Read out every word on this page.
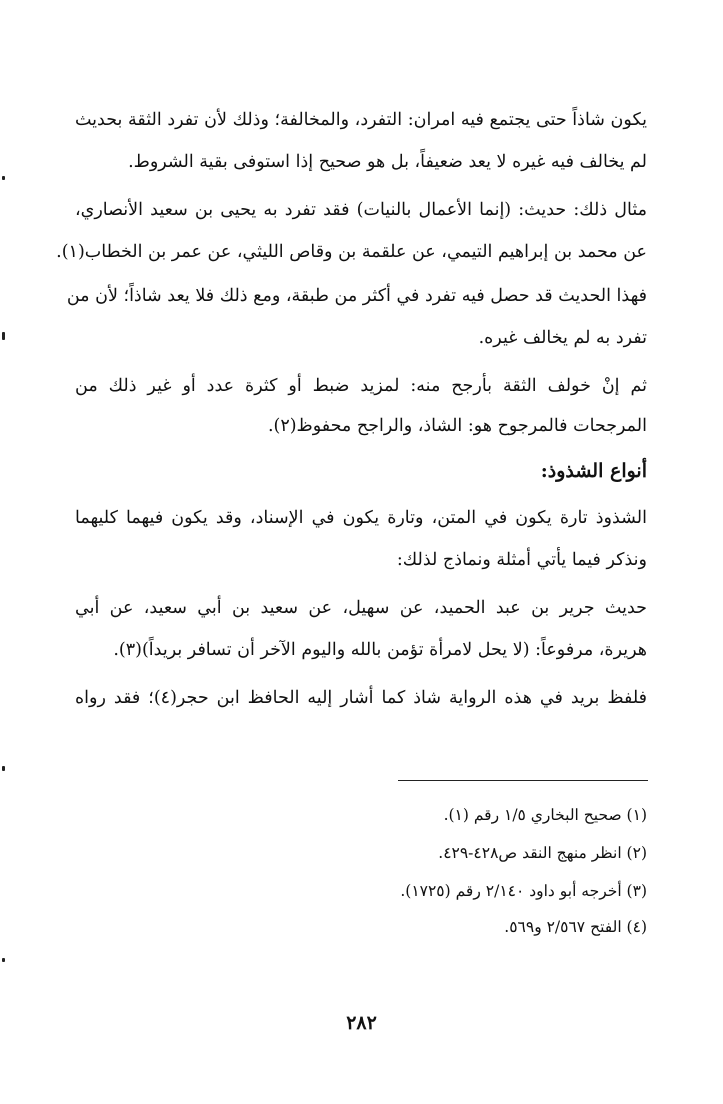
يكون شاذاً حتى يجتمع فيه امران: التفرد، والمخالفة؛ وذلك لأن تفرد الثقة بحديث
لم يخالف فيه غيره لا يعد ضعيفاً، بل هو صحيح إذا استوفى بقية الشروط.
مثال ذلك: حديث: (إنما الأعمال بالنيات) فقد تفرد به يحيى بن سعيد الأنصاري،
عن محمد بن إبراهيم التيمي، عن علقمة بن وقاص الليثي، عن عمر بن الخطاب(١).
فهذا الحديث قد حصل فيه تفرد في أكثر من طبقة، ومع ذلك فلا يعد شاذاً؛ لأن من
تفرد به لم يخالف غيره.
ثم إنْ خولف الثقة بأرجح منه: لمزيد ضبط أو كثرة عدد أو غير ذلك من
المرجحات فالمرجوح هو: الشاذ، والراجح محفوظ(٢).
أنواع الشذوذ:
الشذوذ تارة يكون في المتن، وتارة يكون في الإسناد، وقد يكون فيهما كليهما
ونذكر فيما يأتي أمثلة ونماذج لذلك:
حديث جرير بن عبد الحميد، عن سهيل، عن سعيد بن أبي سعيد، عن أبي
هريرة، مرفوعاً: (لا يحل لامرأة تؤمن بالله واليوم الآخر أن تسافر بريداً)(٣).
فلفظ بريد في هذه الرواية شاذ كما أشار إليه الحافظ ابن حجر(٤)؛ فقد رواه
(١) صحيح البخاري ١/٥ رقم (١).
(٢) انظر منهج النقد ص٤٢٨-٤٢٩.
(٣) أخرجه أبو داود ٢/١٤٠ رقم (١٧٢٥).
(٤) الفتح ٢/٥٦٧ و٥٦٩.
٢٨٢
